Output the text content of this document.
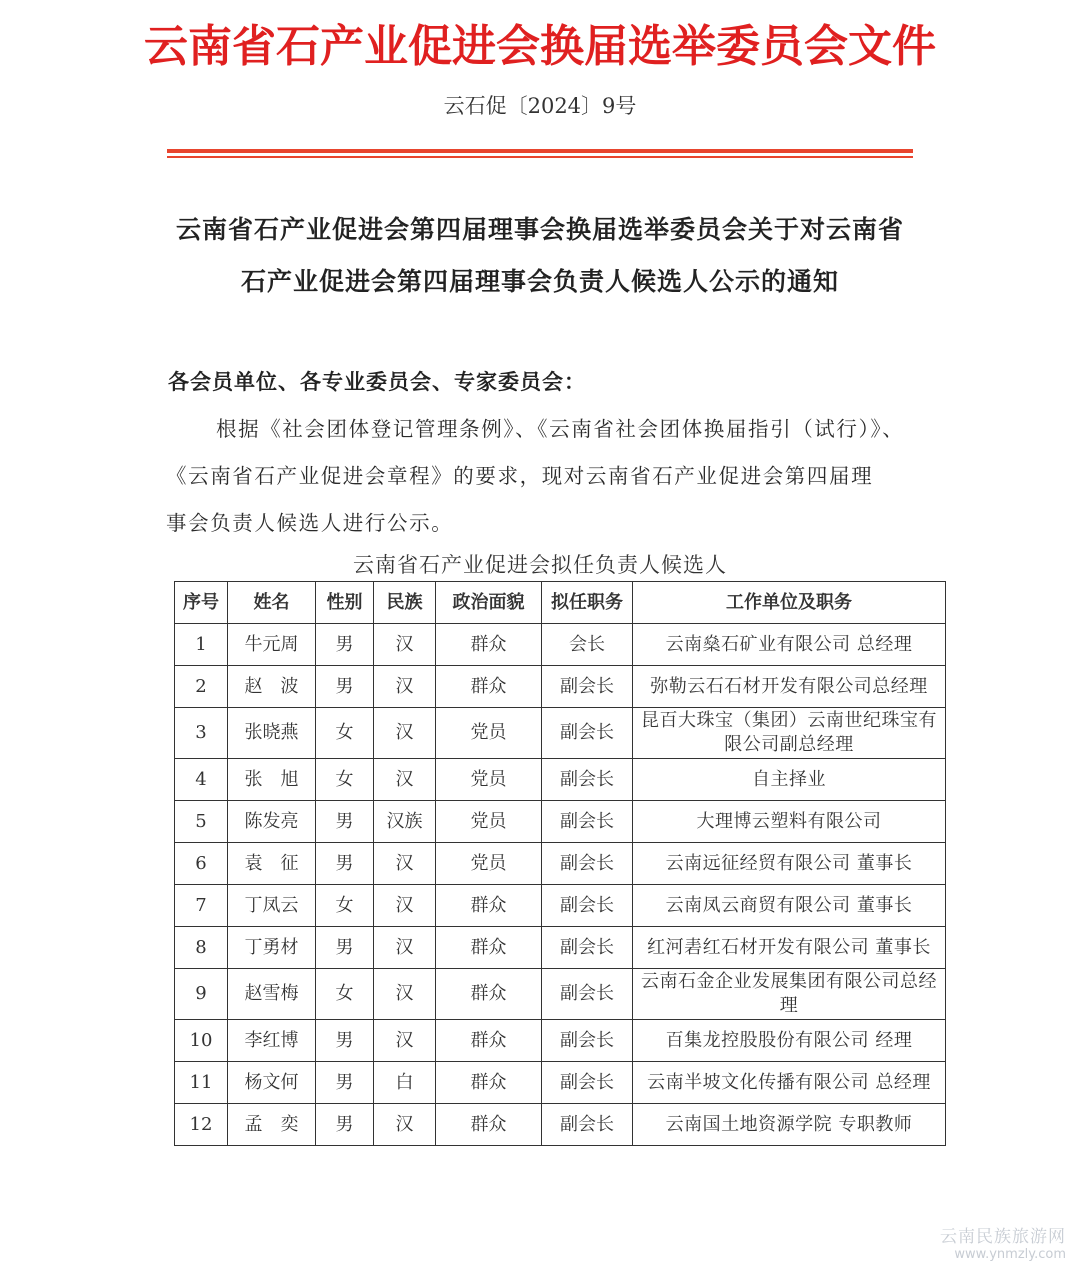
云南省石产业促进会换届选举委员会文件
云石促〔2024〕9号
云南省石产业促进会第四届理事会换届选举委员会关于对云南省
石产业促进会第四届理事会负责人候选人公示的通知
各会员单位、各专业委员会、专家委员会：
根据《社会团体登记管理条例》、《云南省社会团体换届指引（试行）》、
《云南省石产业促进会章程》的要求，现对云南省石产业促进会第四届理
事会负责人候选人进行公示。
云南省石产业促进会拟任负责人候选人
序号	姓名	性别	民族	政治面貌	拟任职务	工作单位及职务
1	牛元周	男	汉	群众	会长	云南燊石矿业有限公司 总经理
2	赵　波	男	汉	群众	副会长	弥勒云石石材开发有限公司总经理
3	张晓燕	女	汉	党员	副会长	昆百大珠宝（集团）云南世纪珠宝有限公司副总经理
4	张　旭	女	汉	党员	副会长	自主择业
5	陈发亮	男	汉族	党员	副会长	大理博云塑料有限公司
6	袁　征	男	汉	党员	副会长	云南远征经贸有限公司 董事长
7	丁凤云	女	汉	群众	副会长	云南凤云商贸有限公司 董事长
8	丁勇材	男	汉	群众	副会长	红河砉红石材开发有限公司 董事长
9	赵雪梅	女	汉	群众	副会长	云南石金企业发展集团有限公司总经理
10	李红博	男	汉	群众	副会长	百集龙控股股份有限公司 经理
11	杨文何	男	白	群众	副会长	云南半坡文化传播有限公司 总经理
12	孟　奕	男	汉	群众	副会长	云南国土地资源学院 专职教师
云南民族旅游网
www.ynmzly.com
